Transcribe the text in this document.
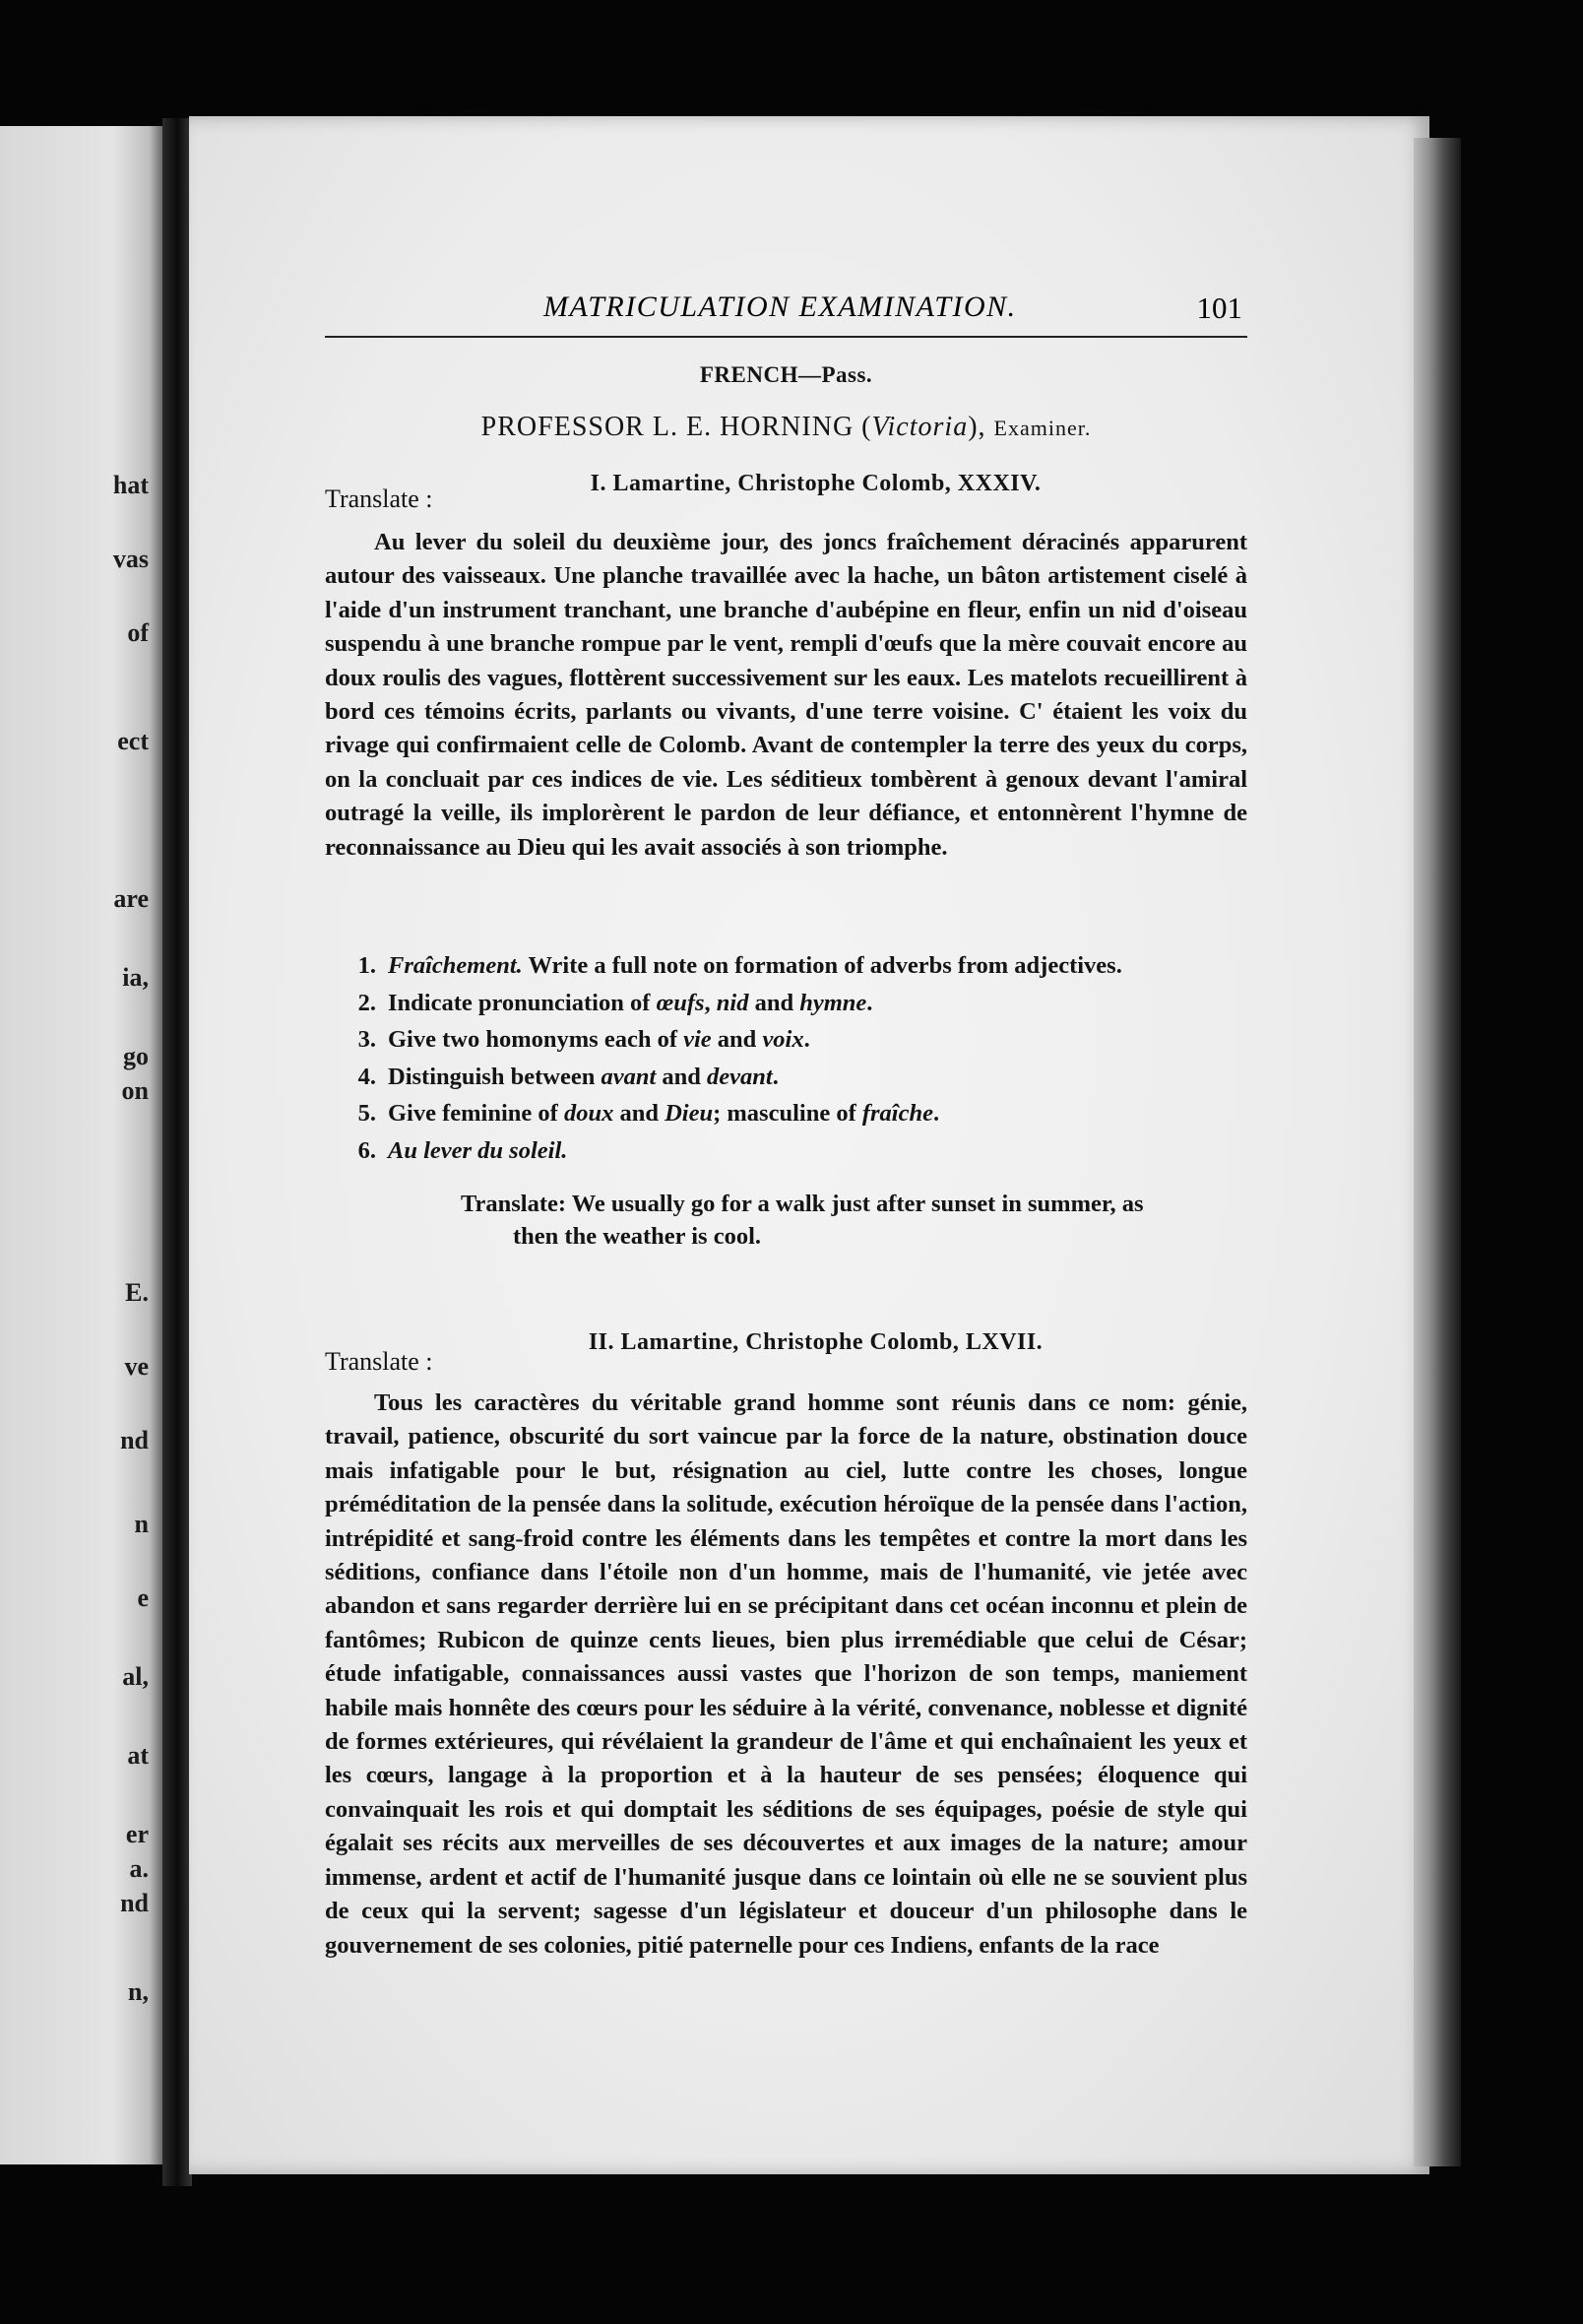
hat
vas
of
ect
are
ia,
go
on
E.
ve
nd
n
e
al,
at
er
a.
nd
n,
MATRICULATION EXAMINATION.	101
FRENCH—Pass.
PROFESSOR L. E. HORNING (Victoria), Examiner.
I. Lamartine, Christophe Colomb, XXXIV.
Translate :
Au lever du soleil du deuxième jour, des joncs fraîchement déracinés apparurent autour des vaisseaux. Une planche travaillée avec la hache, un bâton artistement ciselé à l'aide d'un instrument tranchant, une branche d'aubépine en fleur, enfin un nid d'oiseau suspendu à une branche rompue par le vent, rempli d'œufs que la mère couvait encore au doux roulis des vagues, flottèrent successivement sur les eaux. Les matelots recueillirent à bord ces témoins écrits, parlants ou vivants, d'une terre voisine. C' étaient les voix du rivage qui confirmaient celle de Colomb. Avant de contempler la terre des yeux du corps, on la concluait par ces indices de vie. Les séditieux tombèrent à genoux devant l'amiral outragé la veille, ils implorèrent le pardon de leur défiance, et entonnèrent l'hymne de reconnaissance au Dieu qui les avait associés à son triomphe.
1. Fraîchement. Write a full note on formation of adverbs from adjectives.
2. Indicate pronunciation of œufs, nid and hymne.
3. Give two homonyms each of vie and voix.
4. Distinguish between avant and devant.
5. Give feminine of doux and Dieu; masculine of fraîche.
6. Au lever du soleil.
Translate: We usually go for a walk just after sunset in summer, as
then the weather is cool.
II. Lamartine, Christophe Colomb, LXVII.
Translate :
Tous les caractères du véritable grand homme sont réunis dans ce nom: génie, travail, patience, obscurité du sort vaincue par la force de la nature, obstination douce mais infatigable pour le but, résignation au ciel, lutte contre les choses, longue préméditation de la pensée dans la solitude, exécution héroïque de la pensée dans l'action, intrépidité et sang-froid contre les éléments dans les tempêtes et contre la mort dans les séditions, confiance dans l'étoile non d'un homme, mais de l'humanité, vie jetée avec abandon et sans regarder derrière lui en se précipitant dans cet océan inconnu et plein de fantômes; Rubicon de quinze cents lieues, bien plus irremédiable que celui de César; étude infatigable, connaissances aussi vastes que l'horizon de son temps, maniement habile mais honnête des cœurs pour les séduire à la vérité, convenance, noblesse et dignité de formes extérieures, qui révélaient la grandeur de l'âme et qui enchaînaient les yeux et les cœurs, langage à la proportion et à la hauteur de ses pensées; éloquence qui convainquait les rois et qui domptait les séditions de ses équipages, poésie de style qui égalait ses récits aux merveilles de ses découvertes et aux images de la nature; amour immense, ardent et actif de l'humanité jusque dans ce lointain où elle ne se souvient plus de ceux qui la servent; sagesse d'un législateur et douceur d'un philosophe dans le gouvernement de ses colonies, pitié paternelle pour ces Indiens, enfants de la race
